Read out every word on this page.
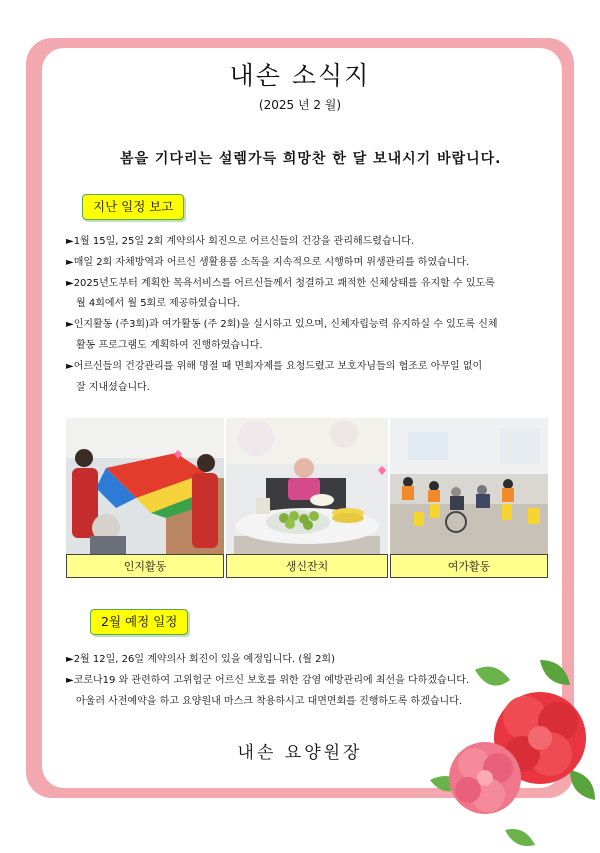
내손 소식지
(2025 년 2 월)
봄을 기다리는 설렘가득 희망찬 한 달 보내시기 바랍니다.
지난 일정 보고
►1월 15일, 25일 2회 계약의사 회진으로 어르신들의 건강을 관리해드렸습니다.
►매일 2회 자체방역과 어르신 생활용품 소독을 지속적으로 시행하며 위생관리를 하였습니다.
►2025년도부터 계획한 목욕서비스를 어르신들께서 청결하고 쾌적한 신체상태를 유지할 수 있도록
월 4회에서 월 5회로 제공하였습니다.
►인지활동 (주3회)과 여가활동 (주 2회)을 실시하고 있으며, 신체자립능력 유지하실 수 있도록 신체
활동 프로그램도 계획하여 진행하였습니다.
►어르신들의 건강관리를 위해 명절 때 면회자제를 요청드렸고 보호자님들의 협조로 아무일 없이
잘 지내셨습니다.
인지활동	생신잔치	여가활동
2월 예정 일정
►2월 12일, 26일 계약의사 회진이 있을 예정입니다. (월 2회)
►코로나19 와 관련하여 고위험군 어르신 보호를 위한 감염 예방관리에 최선을 다하겠습니다.
아울러 사전예약을 하고 요양원내 마스크 착용하시고 대면면회를 진행하도록 하겠습니다.
내손 요양원장
